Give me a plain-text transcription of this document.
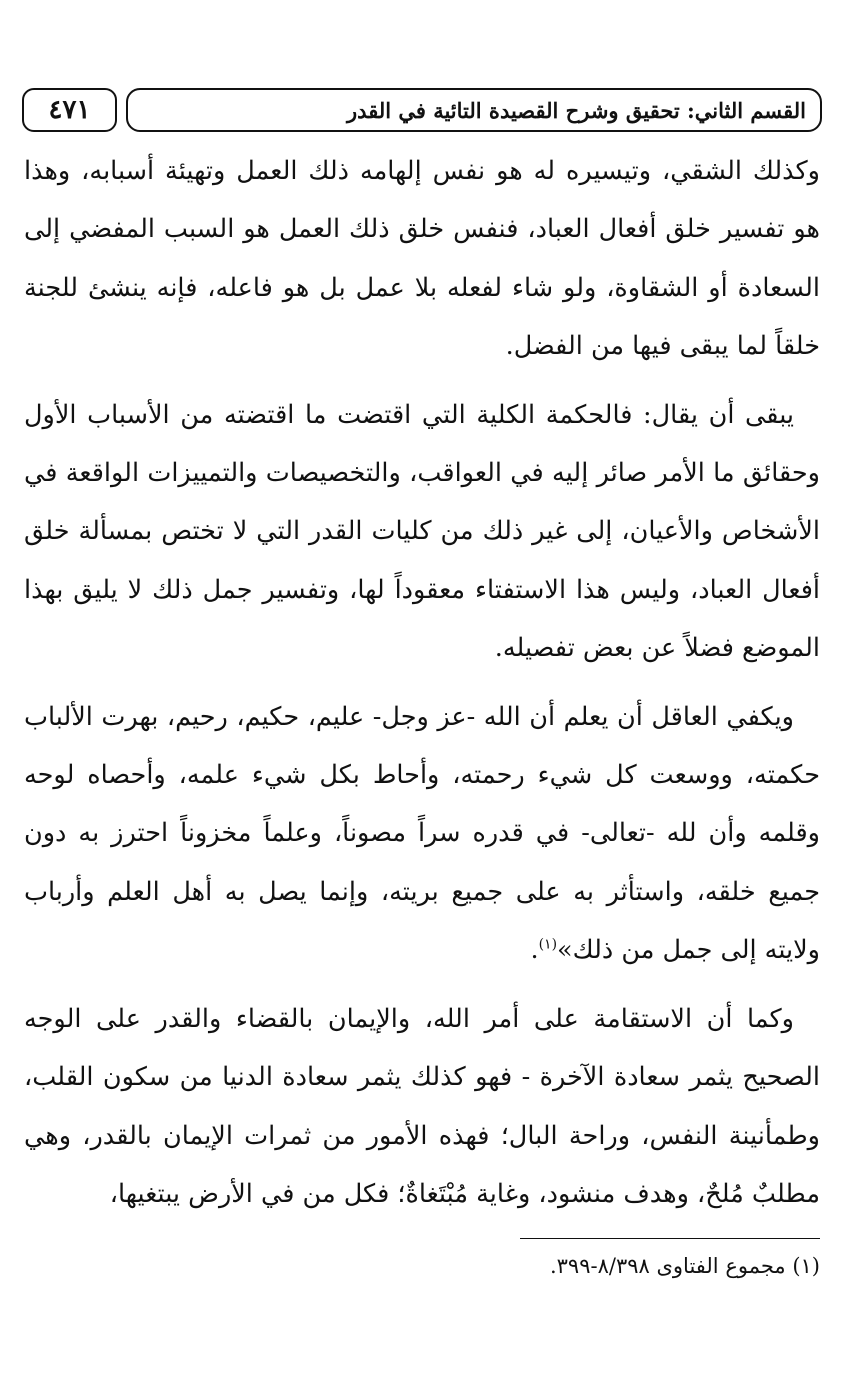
٤٧١	القسم الثاني: تحقيق وشرح القصيدة التائية في القدر

وكذلك الشقي، وتيسيره له هو نفس إلهامه ذلك العمل وتهيئة أسبابه، وهذا هو تفسير خلق أفعال العباد، فنفس خلق ذلك العمل هو السبب المفضي إلى السعادة أو الشقاوة، ولو شاء لفعله بلا عمل بل هو فاعله، فإنه ينشئ للجنة خلقاً لما يبقى فيها من الفضل.

يبقى أن يقال: فالحكمة الكلية التي اقتضت ما اقتضته من الأسباب الأول وحقائق ما الأمر صائر إليه في العواقب، والتخصيصات والتمييزات الواقعة في الأشخاص والأعيان، إلى غير ذلك من كليات القدر التي لا تختص بمسألة خلق أفعال العباد، وليس هذا الاستفتاء معقوداً لها، وتفسير جمل ذلك لا يليق بهذا الموضع فضلاً عن بعض تفصيله.

ويكفي العاقل أن يعلم أن الله -عز وجل- عليم، حكيم، رحيم، بهرت الألباب حكمته، ووسعت كل شيء رحمته، وأحاط بكل شيء علمه، وأحصاه لوحه وقلمه وأن لله -تعالى- في قدره سراً مصوناً، وعلماً مخزوناً احترز به دون جميع خلقه، واستأثر به على جميع بريته، وإنما يصل به أهل العلم وأرباب ولايته إلى جمل من ذلك»$^{(١)}$.

وكما أن الاستقامة على أمر الله، والإيمان بالقضاء والقدر على الوجه الصحيح يثمر سعادة الآخرة - فهو كذلك يثمر سعادة الدنيا من سكون القلب، وطمأنينة النفس، وراحة البال؛ فهذه الأمور من ثمرات الإيمان بالقدر، وهي مطلبٌ مُلحٌ، وهدف منشود، وغاية مُبْتَغاةٌ؛ فكل من في الأرض يبتغيها،

(١) مجموع الفتاوى ٨/٣٩٨-٣٩٩.
